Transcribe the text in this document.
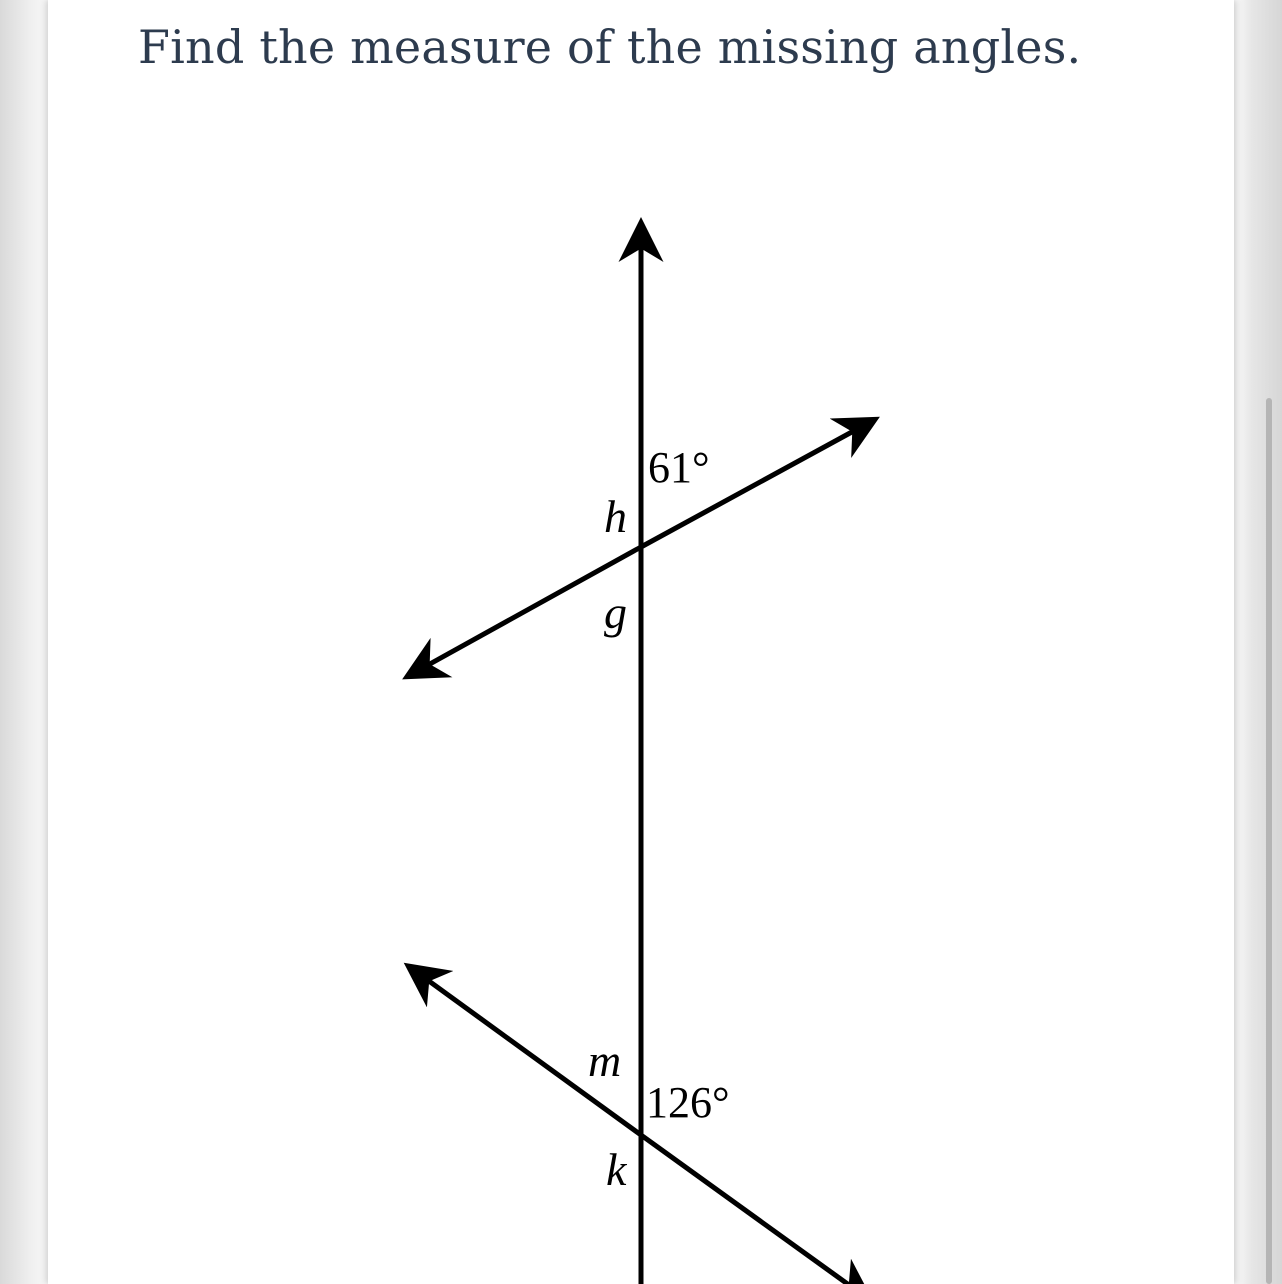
Find the measure of the missing angles.
61°
h
g
m
126°
k
